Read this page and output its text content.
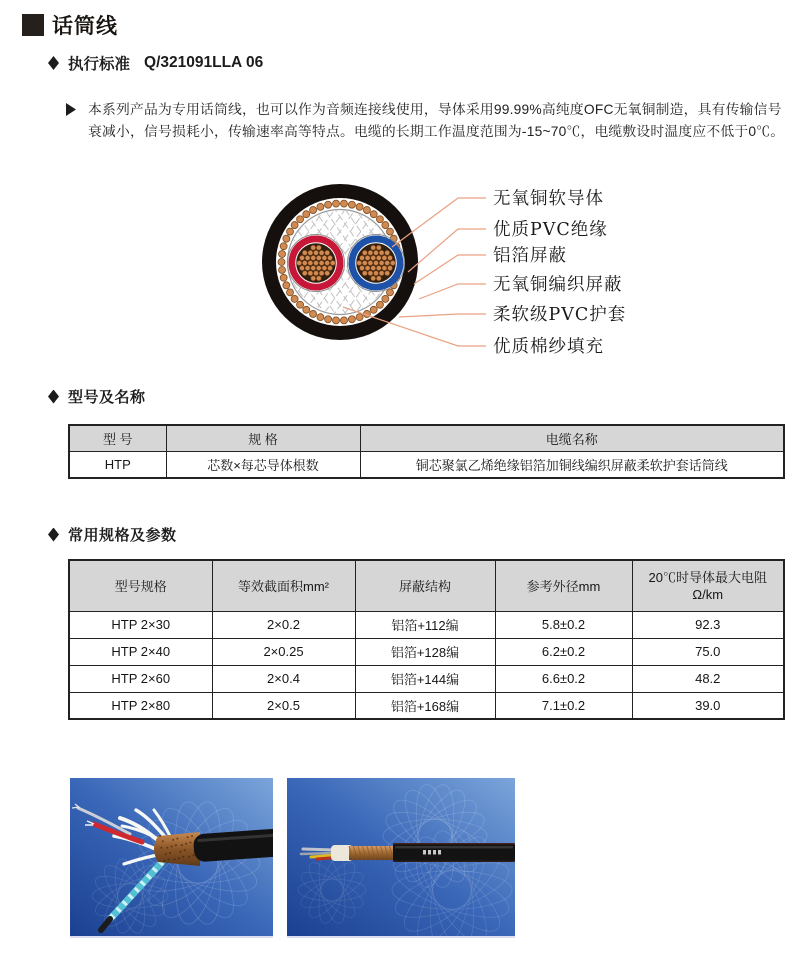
话筒线
执行标准 Q/321091LLA 06
本系列产品为专用话筒线，也可以作为音频连接线使用，导体采用99.99%高纯度OFC无氧铜制造，具有传输信号衰减小，信号损耗小，传输速率高等特点。电缆的长期工作温度范围为-15~70℃，电缆敷设时温度应不低于0℃。
无氧铜软导体
优质PVC绝缘
铝箔屏蔽
无氧铜编织屏蔽
柔软级PVC护套
优质棉纱填充
型号及名称
型 号	规 格	电缆名称
HTP	芯数×每芯导体根数	铜芯聚氯乙烯绝缘铝箔加铜线编织屏蔽柔软护套话筒线
常用规格及参数
型号规格	等效截面积mm²	屏蔽结构	参考外径mm	20℃时导体最大电阻
Ω/km

HTP 2×30	2×0.2	铝箔+112编	5.8±0.2	92.3
HTP 2×40	2×0.25	铝箔+128编	6.2±0.2	75.0
HTP 2×60	2×0.4	铝箔+144编	6.6±0.2	48.2
HTP 2×80	2×0.5	铝箔+168编	7.1±0.2	39.0
